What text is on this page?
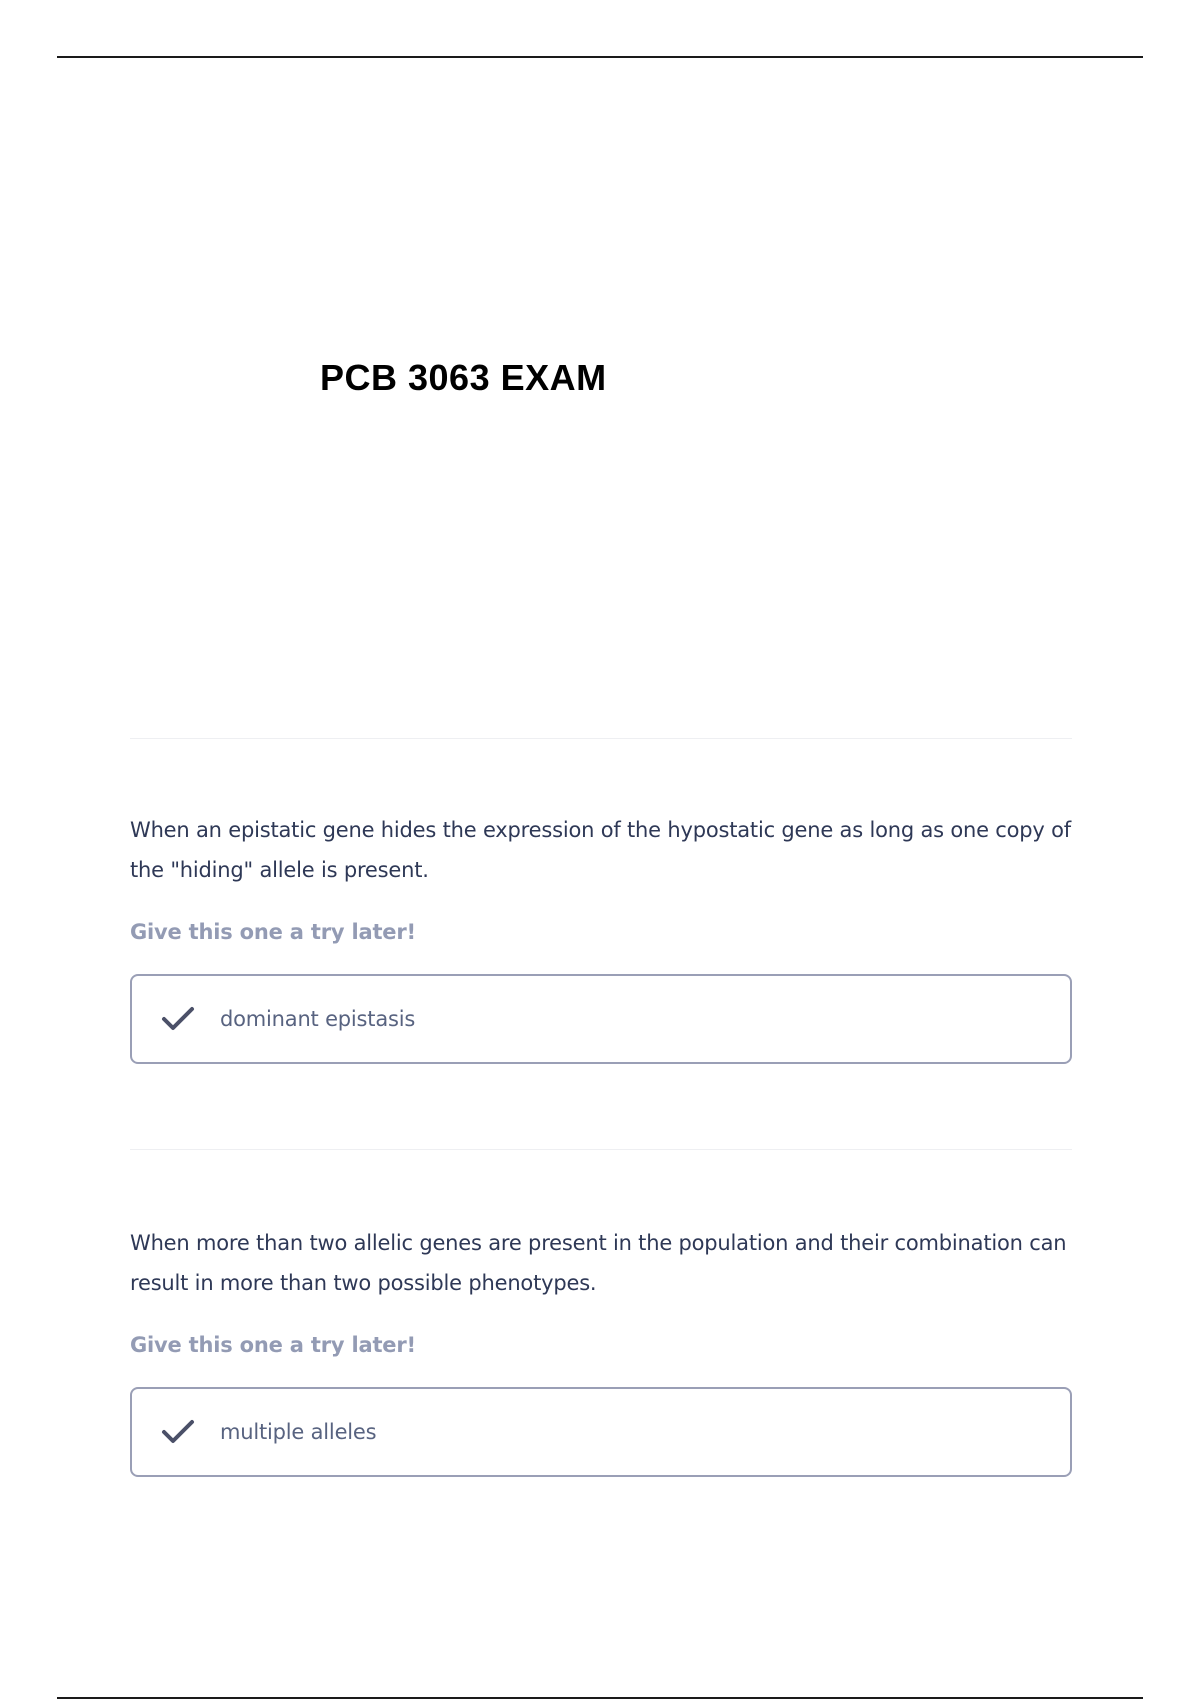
PCB 3063 EXAM

When an epistatic gene hides the expression of the hypostatic gene as long as one copy of the "hiding" allele is present.

Give this one a try later!

dominant epistasis

When more than two allelic genes are present in the population and their combination can result in more than two possible phenotypes.

Give this one a try later!

multiple alleles
